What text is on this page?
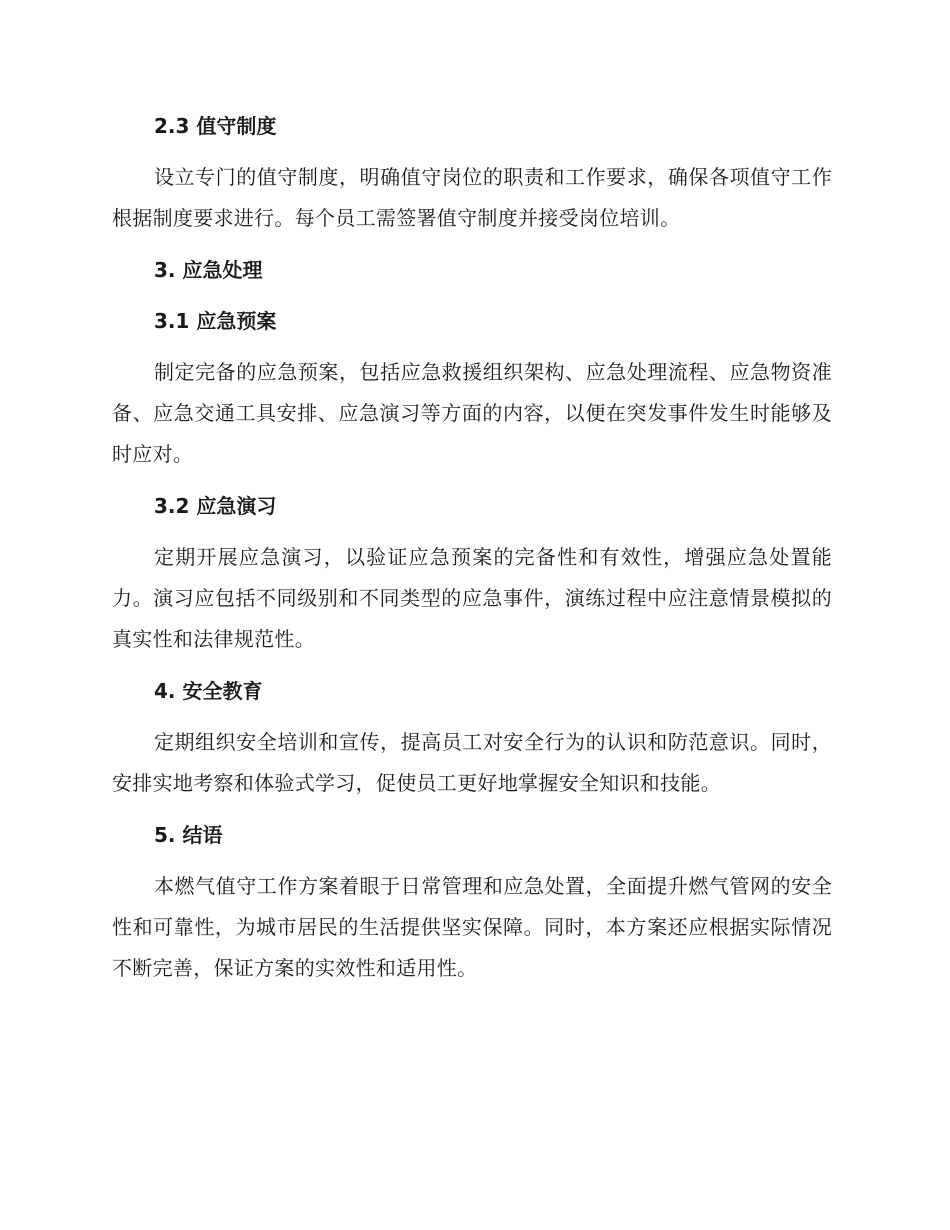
2.3 值守制度

设立专门的值守制度，明确值守岗位的职责和工作要求，确保各项值守工作根据制度要求进行。每个员工需签署值守制度并接受岗位培训。

3. 应急处理
3.1 应急预案

制定完备的应急预案，包括应急救援组织架构、应急处理流程、应急物资准备、应急交通工具安排、应急演习等方面的内容，以便在突发事件发生时能够及时应对。

3.2 应急演习

定期开展应急演习，以验证应急预案的完备性和有效性，增强应急处置能力。演习应包括不同级别和不同类型的应急事件，演练过程中应注意情景模拟的真实性和法律规范性。

4. 安全教育

定期组织安全培训和宣传，提高员工对安全行为的认识和防范意识。同时，安排实地考察和体验式学习，促使员工更好地掌握安全知识和技能。

5. 结语

本燃气值守工作方案着眼于日常管理和应急处置，全面提升燃气管网的安全性和可靠性，为城市居民的生活提供坚实保障。同时，本方案还应根据实际情况不断完善，保证方案的实效性和适用性。
